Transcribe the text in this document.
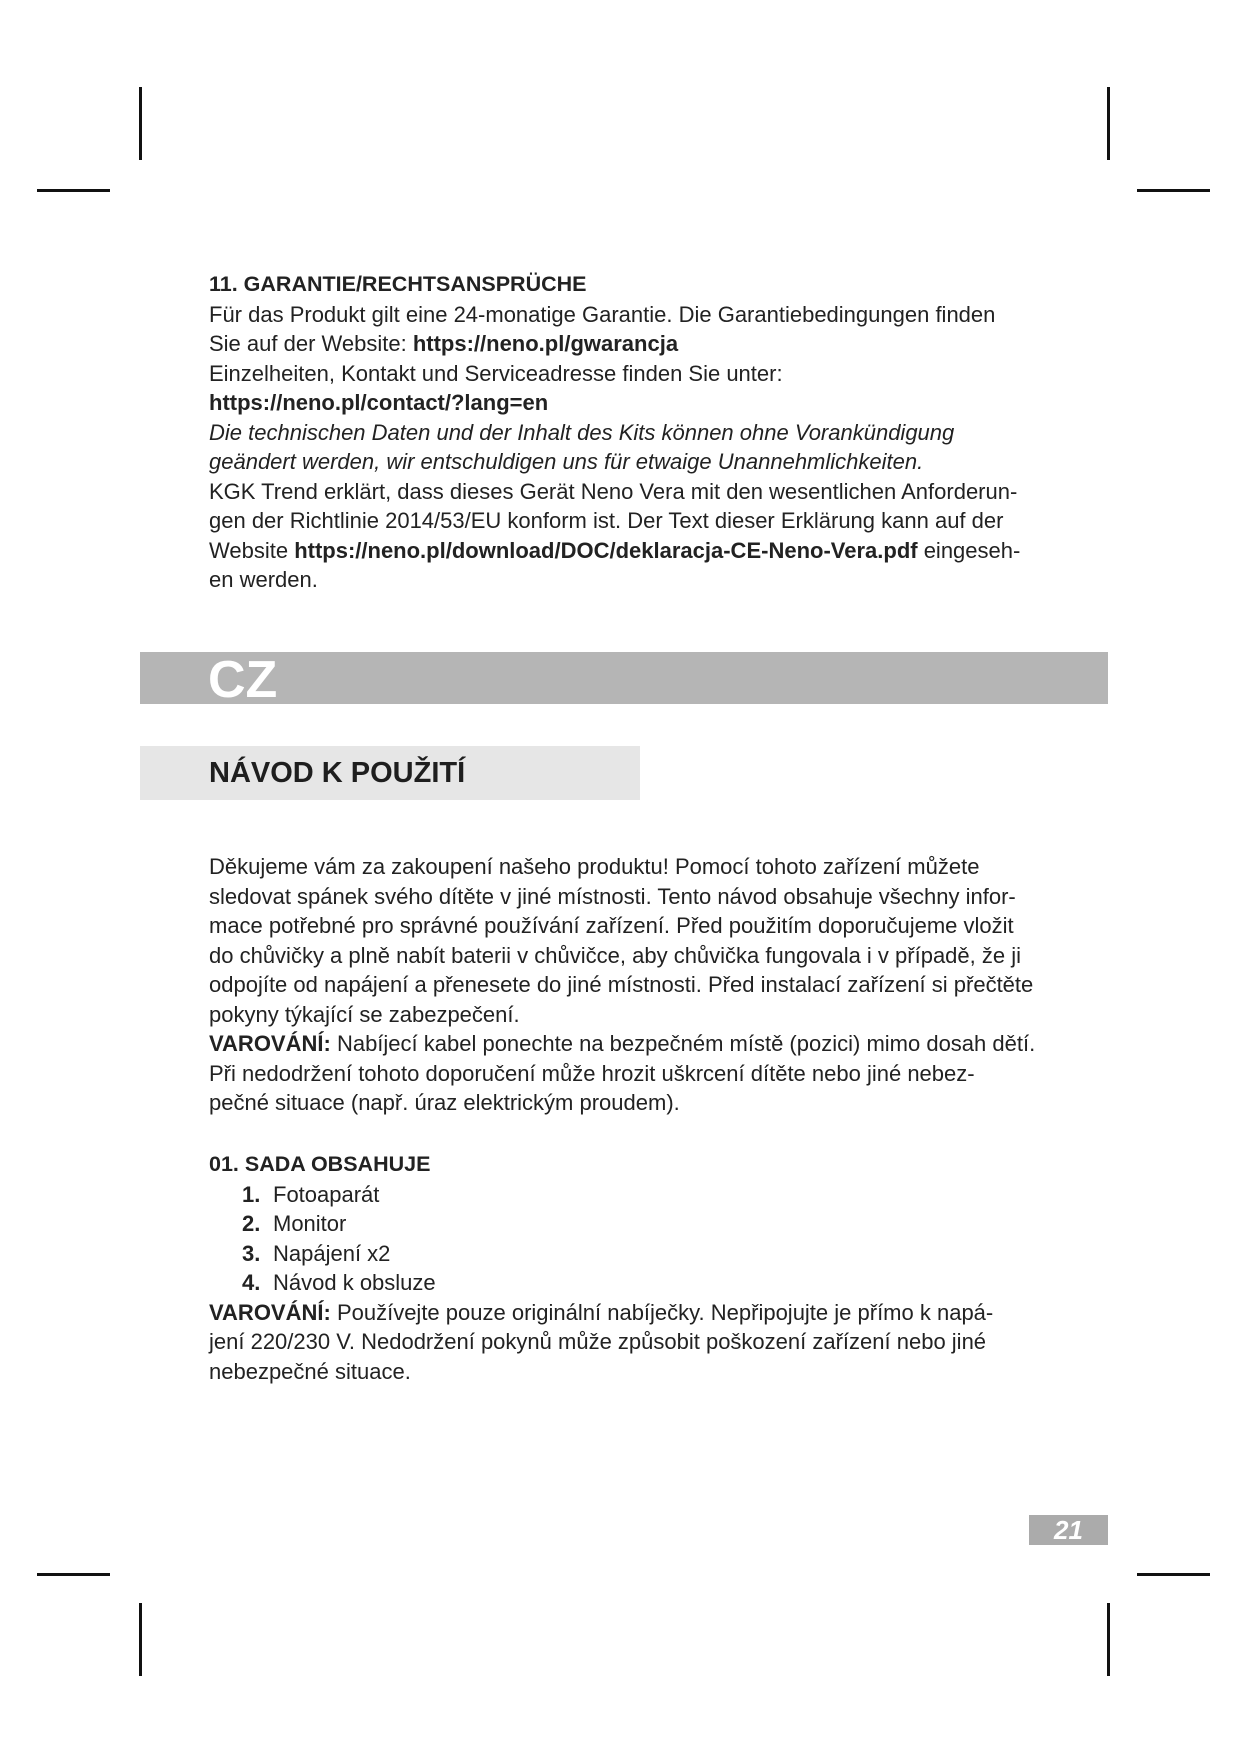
11. GARANTIE/RECHTSANSPRÜCHE

Für das Produkt gilt eine 24-monatige Garantie. Die Garantiebedingungen finden

Sie auf der Website: https://neno.pl/gwarancja

Einzelheiten, Kontakt und Serviceadresse finden Sie unter:

https://neno.pl/contact/?lang=en

Die technischen Daten und der Inhalt des Kits können ohne Vorankündigung

geändert werden, wir entschuldigen uns für etwaige Unannehmlichkeiten.

KGK Trend erklärt, dass dieses Gerät Neno Vera mit den wesentlichen Anforderun-

gen der Richtlinie 2014/53/EU konform ist. Der Text dieser Erklärung kann auf der

Website https://neno.pl/download/DOC/deklaracja-CE-Neno-Vera.pdf eingeseh-

en werden.

CZ
NÁVOD K POUŽITÍ

Děkujeme vám za zakoupení našeho produktu! Pomocí tohoto zařízení můžete

sledovat spánek svého dítěte v jiné místnosti. Tento návod obsahuje všechny infor-

mace potřebné pro správné používání zařízení. Před použitím doporučujeme vložit

do chůvičky a plně nabít baterii v chůvičce, aby chůvička fungovala i v případě, že ji

odpojíte od napájení a přenesete do jiné místnosti. Před instalací zařízení si přečtěte

pokyny týkající se zabezpečení.

VAROVÁNÍ: Nabíjecí kabel ponechte na bezpečném místě (pozici) mimo dosah dětí.

Při nedodržení tohoto doporučení může hrozit uškrcení dítěte nebo jiné nebez-

pečné situace (např. úraz elektrickým proudem).

01. SADA OBSAHUJE

1. Fotoaparát
2. Monitor
3. Napájení x2
4. Návod k obsluze

VAROVÁNÍ: Používejte pouze originální nabíječky. Nepřipojujte je přímo k napá-

jení 220/230 V. Nedodržení pokynů může způsobit poškození zařízení nebo jiné

nebezpečné situace.

21
